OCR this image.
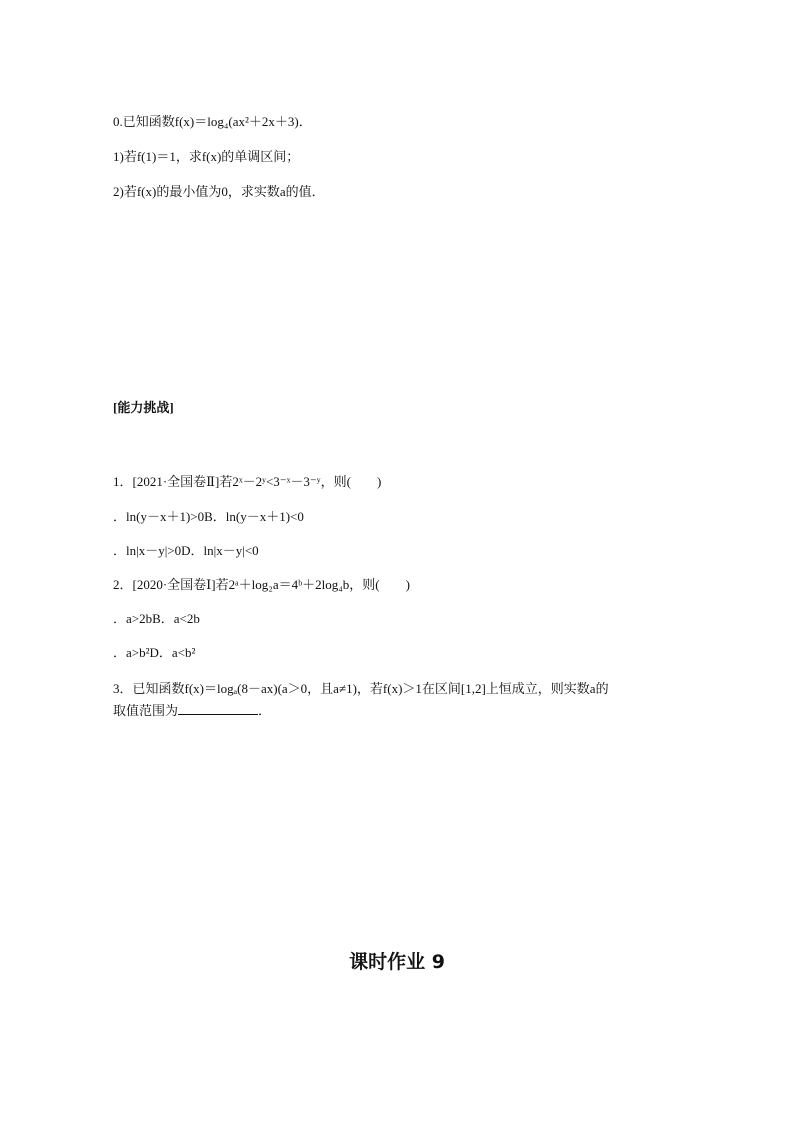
0.已知函数f(x)＝log₄(ax²＋2x＋3)．
1)若f(1)＝1，求f(x)的单调区间；
2)若f(x)的最小值为0，求实数a的值．
[能力挑战]
1．[2021·全国卷Ⅱ]若2ˣ－2ʸ<3⁻ˣ－3⁻ʸ，则(　　)
．ln(y－x＋1)>0B．ln(y－x＋1)<0
．ln|x－y|>0D．ln|x－y|<0
2．[2020·全国卷Ⅰ]若2ᵃ＋log₂a＝4ᵇ＋2log₄b，则(　　)
．a>2bB．a<2b
．a>b²D．a<b²
3．已知函数f(x)＝logₐ(8－ax)(a＞0，且a≠1)，若f(x)＞1在区间[1,2]上恒成立，则实数a的
取值范围为	．
课时作业 9
